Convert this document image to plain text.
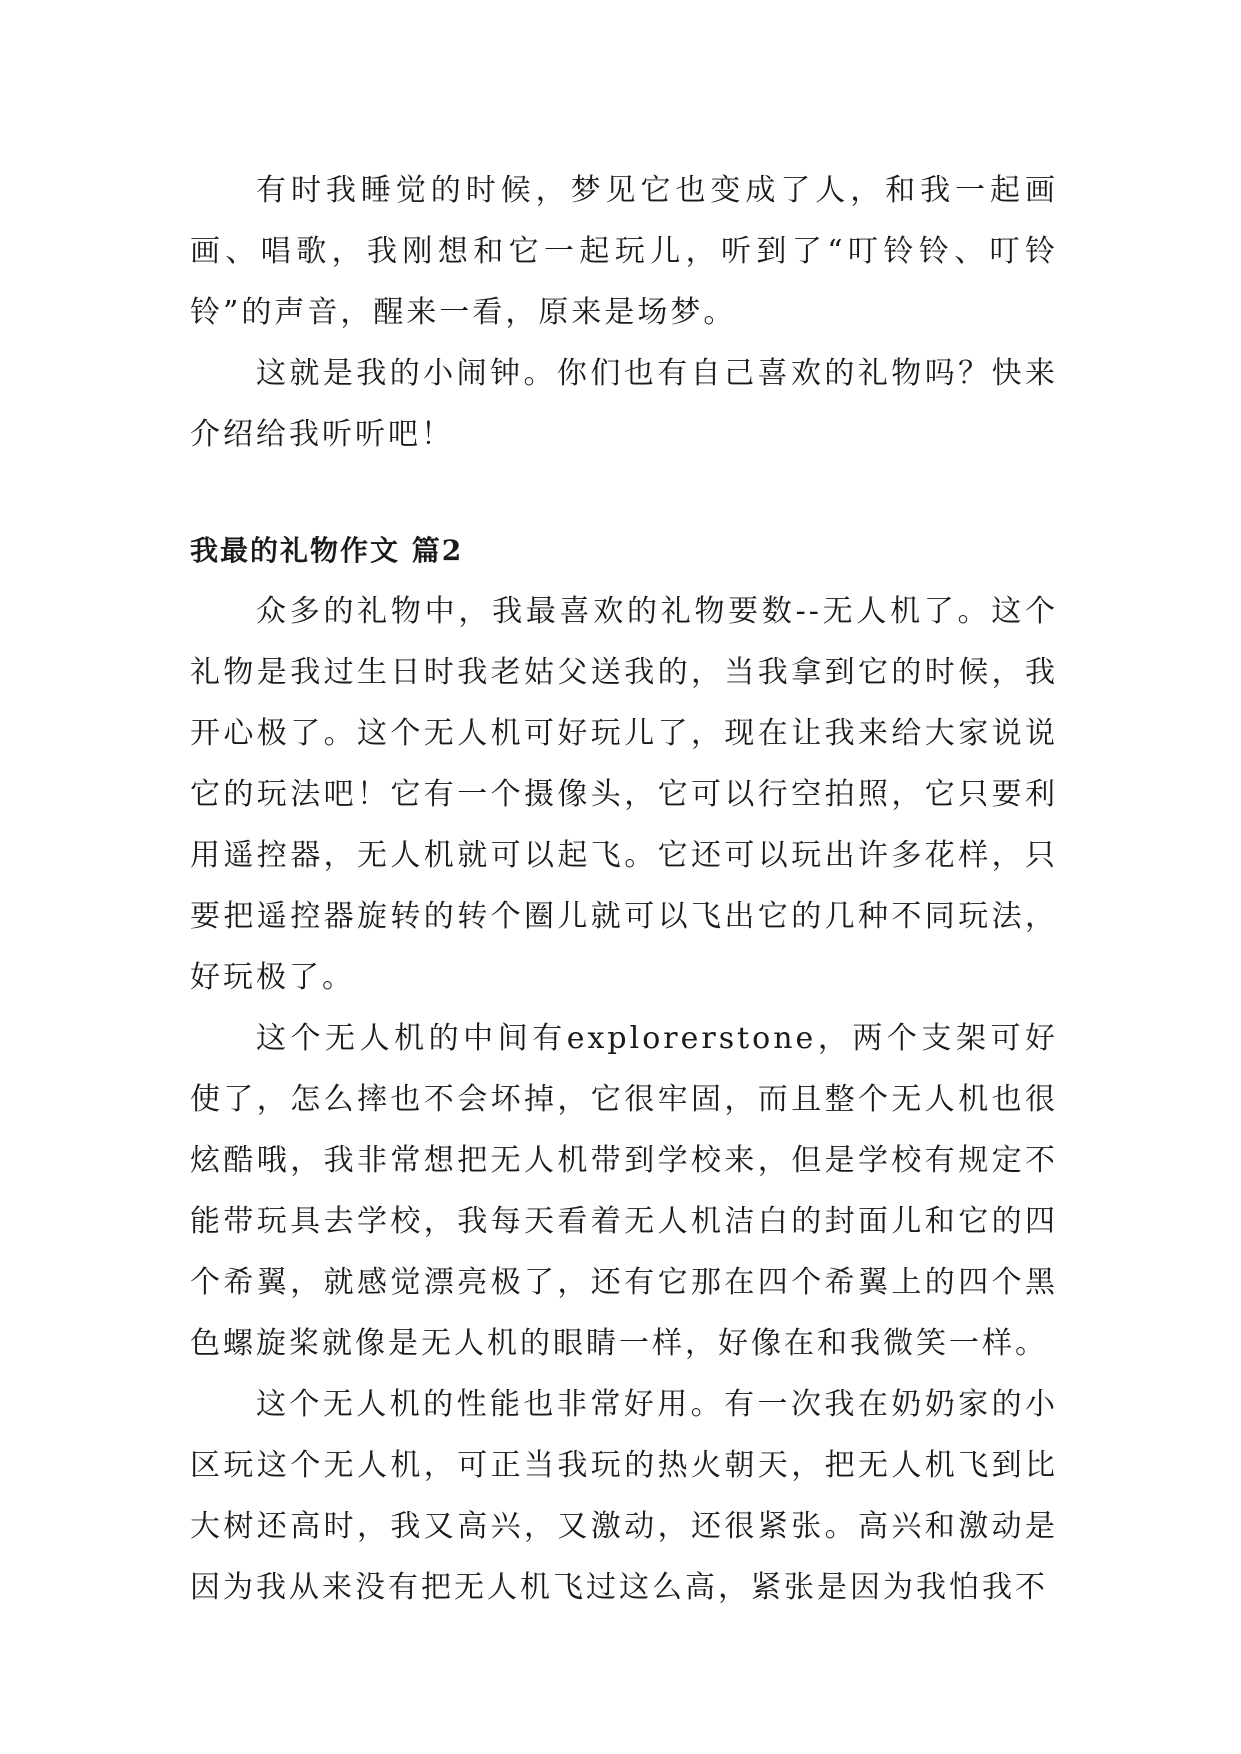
有时我睡觉的时候，梦见它也变成了人，和我一起画画、唱歌，我刚想和它一起玩儿，听到了“叮铃铃、叮铃铃”的声音，醒来一看，原来是场梦。

这就是我的小闹钟。你们也有自己喜欢的礼物吗？快来介绍给我听听吧！

我最的礼物作文 篇2

众多的礼物中，我最喜欢的礼物要数--无人机了。这个礼物是我过生日时我老姑父送我的，当我拿到它的时候，我开心极了。这个无人机可好玩儿了，现在让我来给大家说说它的玩法吧！它有一个摄像头，它可以行空拍照，它只要利用遥控器，无人机就可以起飞。它还可以玩出许多花样，只要把遥控器旋转的转个圈儿就可以飞出它的几种不同玩法，好玩极了。

这个无人机的中间有explorerstone，两个支架可好使了，怎么摔也不会坏掉，它很牢固，而且整个无人机也很炫酷哦，我非常想把无人机带到学校来，但是学校有规定不能带玩具去学校，我每天看着无人机洁白的封面儿和它的四个希翼，就感觉漂亮极了，还有它那在四个希翼上的四个黑色螺旋桨就像是无人机的眼睛一样，好像在和我微笑一样。

这个无人机的性能也非常好用。有一次我在奶奶家的小区玩这个无人机，可正当我玩的热火朝天，把无人机飞到比大树还高时，我又高兴，又激动，还很紧张。高兴和激动是因为我从来没有把无人机飞过这么高，紧张是因为我怕我不
